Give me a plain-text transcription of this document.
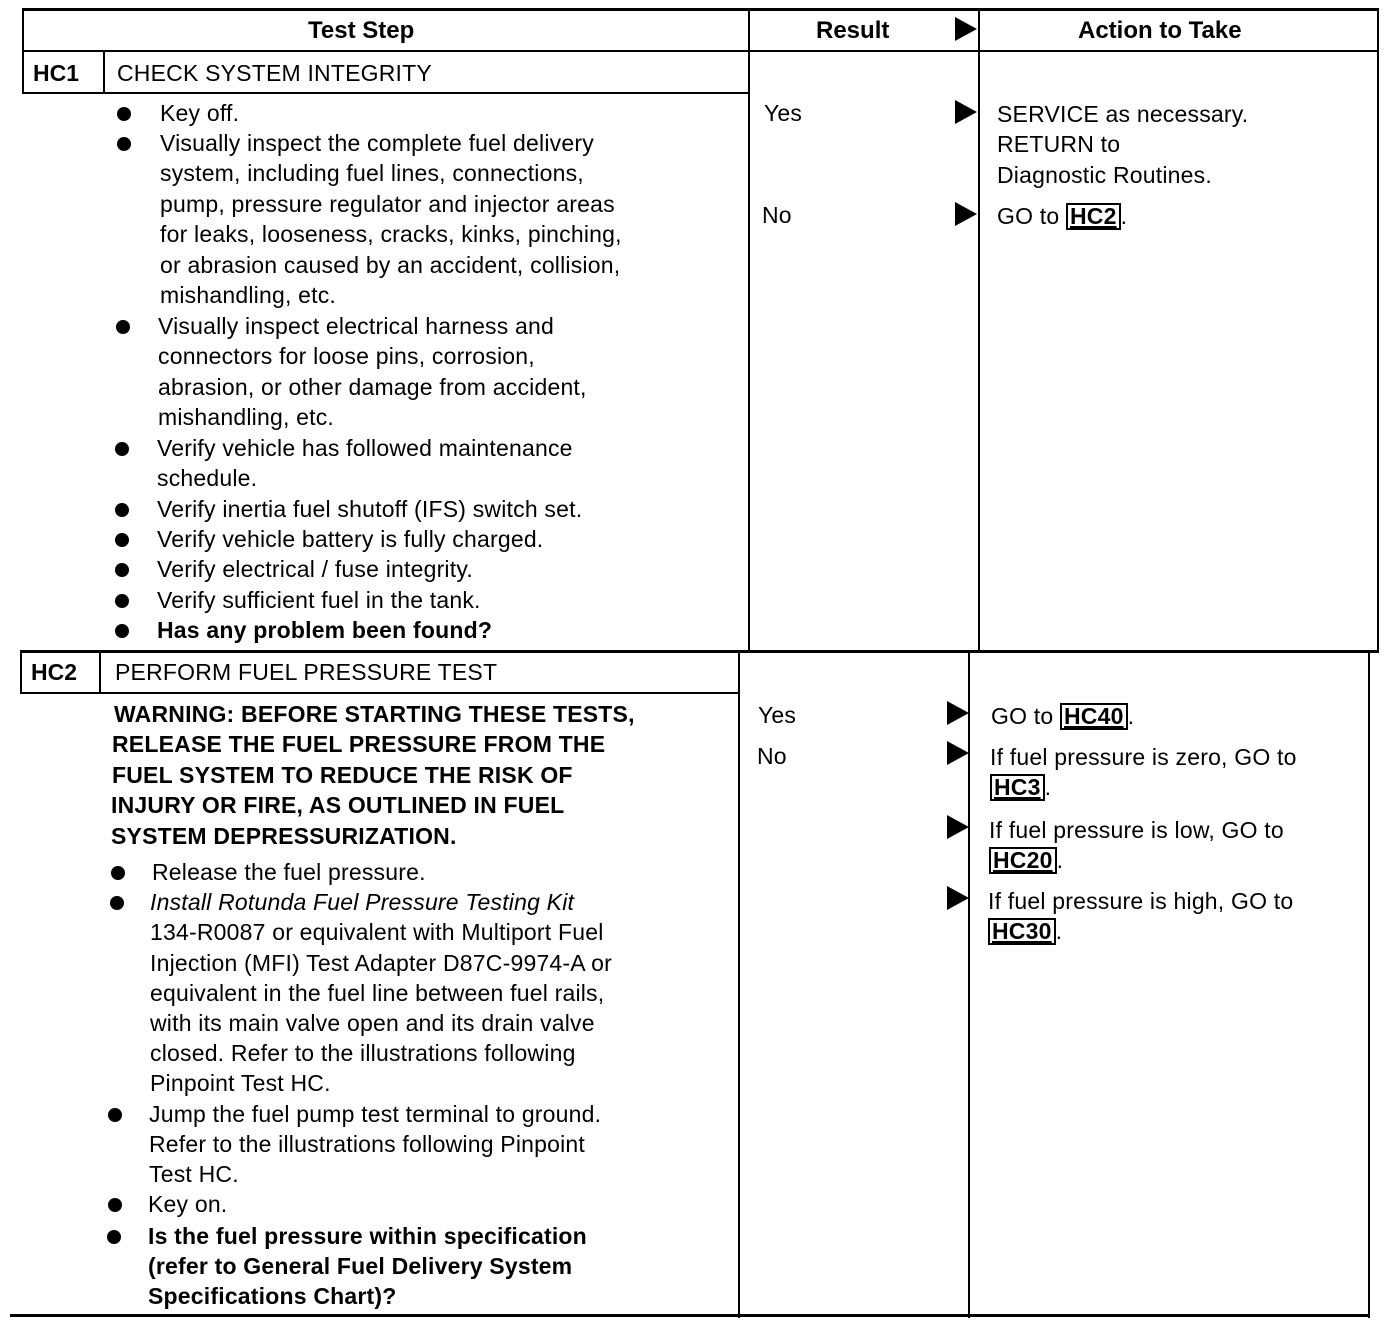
Test Step	Result	Action to Take
HC1 CHECK SYSTEM INTEGRITY
Key off.
Visually inspect the complete fuel delivery
system, including fuel lines, connections,
pump, pressure regulator and injector areas
for leaks, looseness, cracks, kinks, pinching,
or abrasion caused by an accident, collision,
mishandling, etc.
Visually inspect electrical harness and
connectors for loose pins, corrosion,
abrasion, or other damage from accident,
mishandling, etc.
Verify vehicle has followed maintenance
schedule.
Verify inertia fuel shutoff (IFS) switch set.
Verify vehicle battery is fully charged.
Verify electrical / fuse integrity.
Verify sufficient fuel in the tank.
Has any problem been found?
Yes
No
SERVICE as necessary.
RETURN to
Diagnostic Routines.
GO to HC2 .
HC2 PERFORM FUEL PRESSURE TEST
WARNING: BEFORE STARTING THESE TESTS,
RELEASE THE FUEL PRESSURE FROM THE
FUEL SYSTEM TO REDUCE THE RISK OF
INJURY OR FIRE, AS OUTLINED IN FUEL
SYSTEM DEPRESSURIZATION.
Release the fuel pressure.
Install Rotunda Fuel Pressure Testing Kit
134-R0087 or equivalent with Multiport Fuel
Injection (MFI) Test Adapter D87C-9974-A or
equivalent in the fuel line between fuel rails,
with its main valve open and its drain valve
closed. Refer to the illustrations following
Pinpoint Test HC.
Jump the fuel pump test terminal to ground.
Refer to the illustrations following Pinpoint
Test HC.
Key on.
Is the fuel pressure within specification
(refer to General Fuel Delivery System
Specifications Chart)?
Yes
No
GO to HC40 .
If fuel pressure is zero, GO to
HC3 .
If fuel pressure is low, GO to
HC20 .
If fuel pressure is high, GO to
HC30 .
